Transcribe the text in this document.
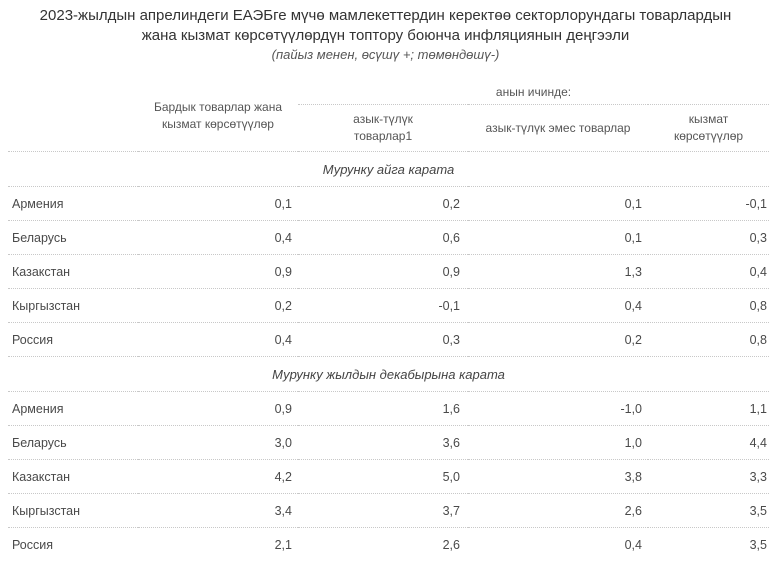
2023-жылдын апрелиндеги ЕАЭБге мүчө мамлекеттердин керектөө секторлорундагы товарлардын
жана кызмат көрсөтүүлөрдүн топтору боюнча инфляциянын деңгээли
(пайыз менен, өсүшү +; төмөндөшү-)

	Бардык товарлар жана кызмат көрсөтүүлөр	анын ичинде:		

		азык-түлүк товарлар1	азык-түлүк эмес товарлар	кызмат көрсөтүүлөр

Мурунку айга карата				
Армения	0,1	0,2	0,1	-0,1
Беларусь	0,4	0,6	0,1	0,3
Казакстан	0,9	0,9	1,3	0,4
Кыргызстан	0,2	-0,1	0,4	0,8
Россия	0,4	0,3	0,2	0,8
Мурунку жылдын декабырына карата				
Армения	0,9	1,6	-1,0	1,1
Беларусь	3,0	3,6	1,0	4,4
Казакстан	4,2	5,0	3,8	3,3
Кыргызстан	3,4	3,7	2,6	3,5
Россия	2,1	2,6	0,4	3,5
